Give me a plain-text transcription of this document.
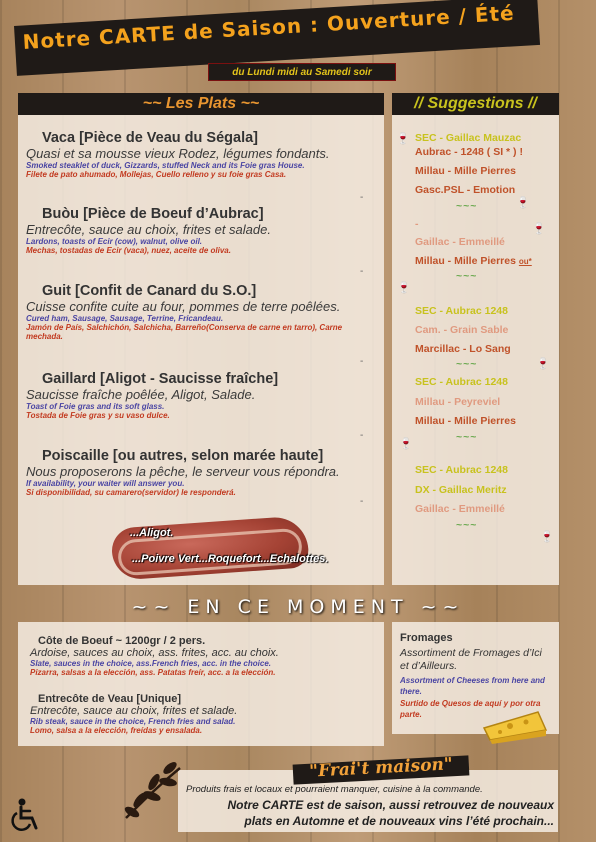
Notre CARTE de Saison : Ouverture / Été
du Lundi midi au Samedi soir
~~ Les Plats ~~
Vaca [Pièce de Veau du Ségala]
Quasi et sa mousse vieux Rodez, légumes fondants.
Smoked steaklet of duck, Gizzards, stuffed Neck and its Foie gras House.
Filete de pato ahumado, Mollejas, Cuello relleno y su foie gras Casa.
Buòu [Pièce de Boeuf d’Aubrac]
Entrecôte, sauce au choix, frites et salade.
Lardons, toasts of Ecir (cow), walnut, olive oil.
Mechas, tostadas de Ecir (vaca), nuez, aceite de oliva.
Guit [Confit de Canard du S.O.]
Cuisse confite cuite au four, pommes de terre poêlées.
Cured ham, Sausage, Sausage, Terrine, Fricandeau.
Jamón de País, Salchichón, Salchicha, Barreño(Conserva de carne en tarro), Carne mechada.
Gaillard [Aligot - Saucisse fraîche]
Saucisse fraîche poêlée, Aligot, Salade.
Toast of Foie gras and its soft glass.
Tostada de Foie gras y su vaso dulce.
Poiscaille [ou autres, selon marée haute]
Nous proposerons la pêche, le serveur vous répondra.
If availability, your waiter will answer you.
Si disponibilidad, su camarero(servidor) le responderá.
-
-
-
-
-
...Aligot.
...Poivre Vert...Roquefort...Echalottes.
// Suggestions //
SEC - Gaillac Mauzac
Aubrac - 1248 ( SI * ) !
Millau - Mille Pierres
Gasc.PSL - Emotion
~~~
-
Gaillac - Emmeillé
Millau - Mille Pierres ou*
~~~
SEC - Aubrac 1248
Cam. - Grain Sable
Marcillac - Lo Sang
~~~
SEC - Aubrac 1248
Millau - Peyreviel
Millau - Mille Pierres
~~~
SEC - Aubrac 1248
DX - Gaillac Meritz
Gaillac - Emmeillé
~~~
🍷
🍷
🍷
🍷
🍷
🍷
🍷
~~ EN CE MOMENT ~~
Côte de Boeuf ~ 1200gr / 2 pers.
Ardoise, sauces au choix, ass. frites, acc. au choix.
Slate, sauces in the choice, ass.French fries, acc. in the choice.
Pizarra, salsas a la elección, ass. Patatas freír, acc. a la elección.
Entrecôte de Veau [Unique]
Entrecôte, sauce au choix, frites et salade.
Rib steak, sauce in the choice, French fries and salad.
Lomo, salsa a la elección, freídas y ensalada.
Fromages
Assortiment de Fromages d’Ici et d’Ailleurs.
Assortment of Cheeses from here and there.
Surtido de Quesos de aquí y por otra parte.
"Frai't maison"
Produits frais et locaux et pourraient manquer, cuisine à la commande.
Notre CARTE est de saison, aussi retrouvez de nouveaux
plats en Automne et de nouveaux vins l’été prochain...
